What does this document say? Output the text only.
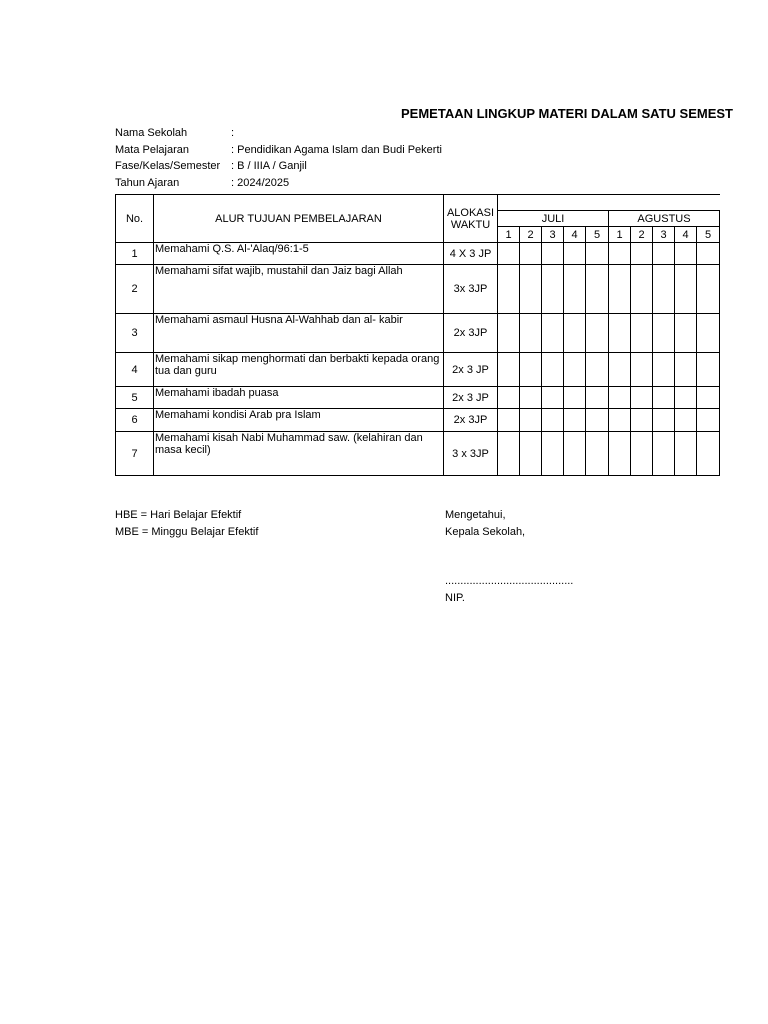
PEMETAAN LINGKUP MATERI DALAM SATU SEMEST
Nama Sekolah	:
Mata Pelajaran	: Pendidikan Agama Islam dan Budi Pekerti
Fase/Kelas/Semester : B / IIIA / Ganjil
Tahun Ajaran	: 2024/2025
No.	ALUR TUJUAN PEMBELAJARAN	ALOKASI
WAKTU										

			JULI					AGUSTUS				
			1	2	3	4	5	1	2	3	4	5
1	Memahami Q.S. Al-'Alaq/96:1-5	4 X 3 JP										
2	Memahami sifat wajib, mustahil dan Jaiz bagi Allah	3x 3JP										
3	Memahami asmaul Husna Al-Wahhab dan al- kabir	2x 3JP										
4	Memahami sikap menghormati dan berbakti kepada orang tua dan guru	2x 3 JP										
5	Memahami ibadah puasa	2x 3 JP										
6	Memahami kondisi Arab pra Islam	2x 3JP										
7	Memahami kisah Nabi Muhammad saw. (kelahiran dan masa kecil)	3 x 3JP										
HBE = Hari Belajar Efektif
MBE = Minggu Belajar Efektif
Mengetahui,
Kepala Sekolah,
..........................................
NIP.
